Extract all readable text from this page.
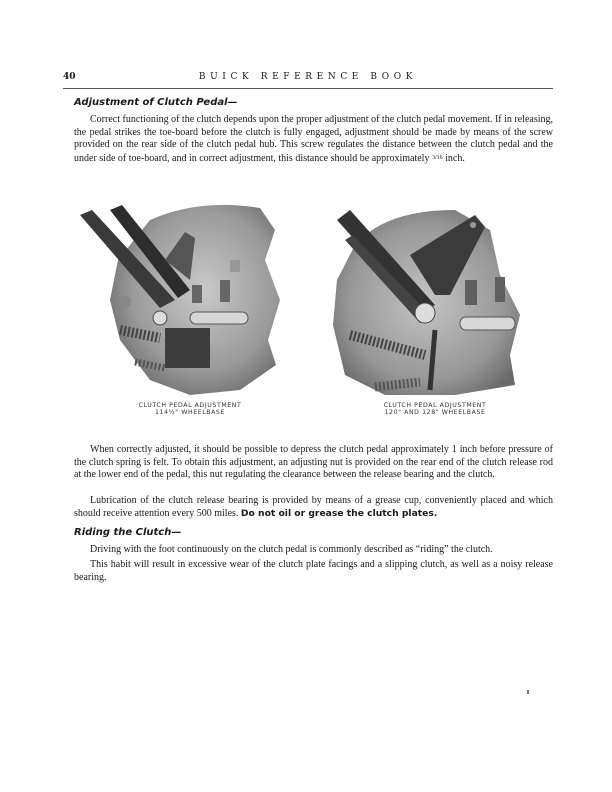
40	BUICK REFERENCE BOOK
Adjustment of Clutch Pedal—

Correct functioning of the clutch depends upon the proper adjustment of the clutch pedal movement. If in releasing, the pedal strikes the toe-board before the clutch is fully engaged, adjustment should be made by means of the screw provided on the rear side of the clutch pedal hub. This screw regulates the distance between the clutch pedal and the under side of toe-board, and in correct adjustment, this distance should be approximately $^{3/16}$ inch.

CLUTCH PEDAL ADJUSTMENT
114½" WHEELBASE
CLUTCH PEDAL ADJUSTMENT
120" AND 128" WHEELBASE

When correctly adjusted, it should be possible to depress the clutch pedal approximately 1 inch before pressure of the clutch spring is felt. To obtain this adjustment, an adjusting nut is provided on the rear end of the clutch release rod at the lower end of the pedal, this nut regulating the clearance between the release bearing and the clutch.

Lubrication of the clutch release bearing is provided by means of a grease cup, conveniently placed and which should receive attention every 500 miles. Do not oil or grease the clutch plates.

Riding the Clutch—

Driving with the foot continuously on the clutch pedal is commonly described as “riding” the clutch.

This habit will result in excessive wear of the clutch plate facings and a slipping clutch, as well as a noisy release bearing.
